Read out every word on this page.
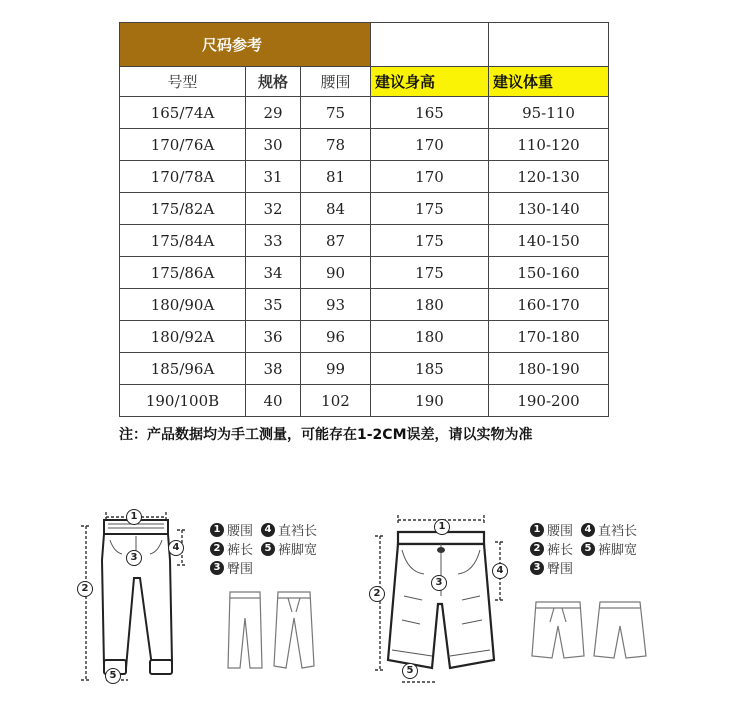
尺码参考				
号型	规格	腰围	建议身高	建议体重
165/74A	29	75	165	95-110
170/76A	30	78	170	110-120
170/78A	31	81	170	120-130
175/82A	32	84	175	130-140
175/84A	33	87	175	140-150
175/86A	34	90	175	150-160
180/90A	35	93	180	160-170
180/92A	36	96	180	170-180
185/96A	38	99	185	180-190
190/100B	40	102	190	190-200
注：产品数据均为手工测量，可能存在1-2CM误差，请以实物为准
1
2
3
4
5
1 腰围	4 直裆长
2 裤长	5 裤脚宽
3 臀围
1
2
3
4
5
1 腰围	4 直裆长
2 裤长	5 裤脚宽
3 臀围
